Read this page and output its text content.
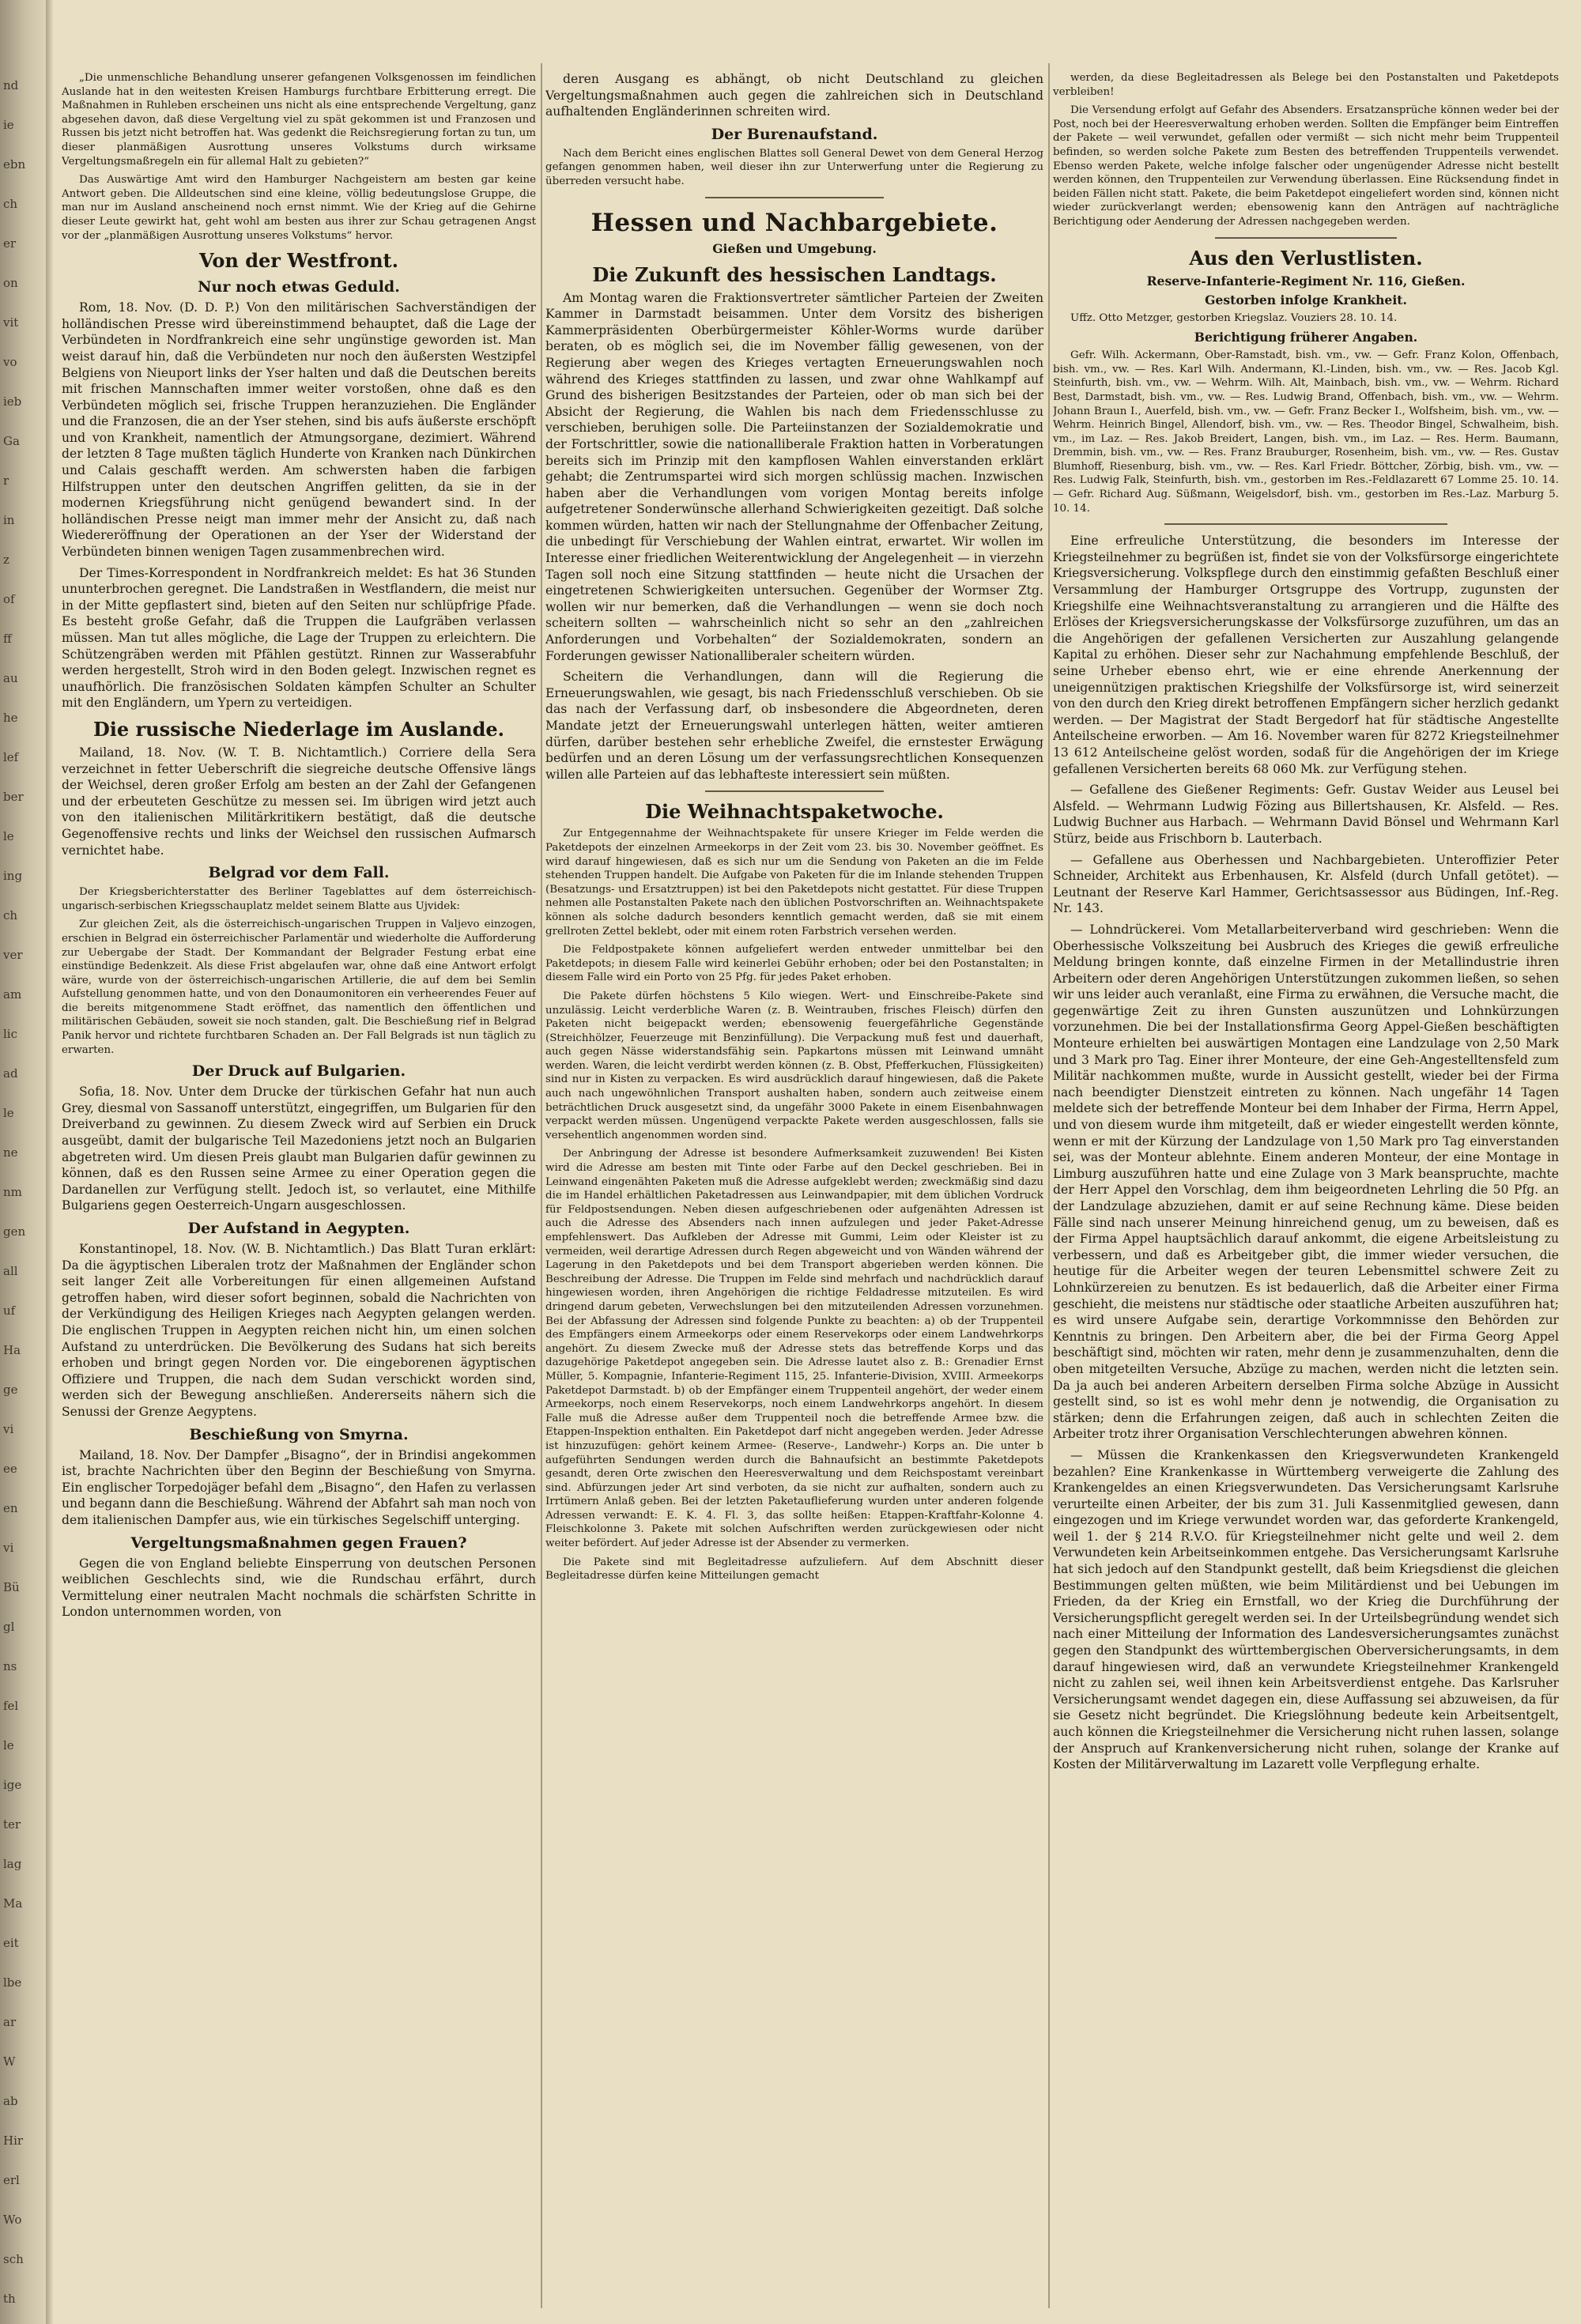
nd
ie
ebn
ch
er
on
vit
vo
ieb
Ga
r
in
z
of
ff
au
he
lef
ber
le
ing
ch
ver
am
lic
ad
le
ne
nm
gen
all
uf
Ha
ge
vi
ee
en
vi
Bü
gl
ns
fel
le
ige
ter
lag
Ma
eit
lbe
ar
W
ab
Hir
erl
Wo
sch
th

„Die unmenschliche Behandlung unserer gefangenen Volksgenossen im feindlichen Auslande hat in den weitesten Kreisen Hamburgs furchtbare Erbitterung erregt. Die Maßnahmen in Ruhleben erscheinen uns nicht als eine entsprechende Vergeltung, ganz abgesehen davon, daß diese Vergeltung viel zu spät gekommen ist und Franzosen und Russen bis jetzt nicht betroffen hat. Was gedenkt die Reichsregierung fortan zu tun, um dieser planmäßigen Ausrottung unseres Volkstums durch wirksame Vergeltungsmaßregeln ein für allemal Halt zu gebieten?“

Das Auswärtige Amt wird den Hamburger Nachgeistern am besten gar keine Antwort geben. Die Alldeutschen sind eine kleine, völlig bedeutungslose Gruppe, die man nur im Ausland anscheinend noch ernst nimmt. Wie der Krieg auf die Gehirne dieser Leute gewirkt hat, geht wohl am besten aus ihrer zur Schau getragenen Angst vor der „planmäßigen Ausrottung unseres Volkstums“ hervor.

Von der Westfront.
Nur noch etwas Geduld.

Rom, 18. Nov. (D. D. P.) Von den militärischen Sachverständigen der holländischen Presse wird übereinstimmend behauptet, daß die Lage der Verbündeten in Nordfrankreich eine sehr ungünstige geworden ist. Man weist darauf hin, daß die Verbündeten nur noch den äußersten Westzipfel Belgiens von Nieuport links der Yser halten und daß die Deutschen bereits mit frischen Mannschaften immer weiter vorstoßen, ohne daß es den Verbündeten möglich sei, frische Truppen heranzuziehen. Die Engländer und die Franzosen, die an der Yser stehen, sind bis aufs äußerste erschöpft und von Krankheit, namentlich der Atmungsorgane, dezimiert. Während der letzten 8 Tage mußten täglich Hunderte von Kranken nach Dünkirchen und Calais geschafft werden. Am schwersten haben die farbigen Hilfstruppen unter den deutschen Angriffen gelitten, da sie in der modernen Kriegsführung nicht genügend bewandert sind. In der holländischen Presse neigt man immer mehr der Ansicht zu, daß nach Wiedereröffnung der Operationen an der Yser der Widerstand der Verbündeten binnen wenigen Tagen zusammenbrechen wird.

Der Times-Korrespondent in Nordfrankreich meldet: Es hat 36 Stunden ununterbrochen geregnet. Die Landstraßen in Westflandern, die meist nur in der Mitte gepflastert sind, bieten auf den Seiten nur schlüpfrige Pfade. Es besteht große Gefahr, daß die Truppen die Laufgräben verlassen müssen. Man tut alles mögliche, die Lage der Truppen zu erleichtern. Die Schützengräben werden mit Pfählen gestützt. Rinnen zur Wasserabfuhr werden hergestellt, Stroh wird in den Boden gelegt. Inzwischen regnet es unaufhörlich. Die französischen Soldaten kämpfen Schulter an Schulter mit den Engländern, um Ypern zu verteidigen.

Die russische Niederlage im Auslande.

Mailand, 18. Nov. (W. T. B. Nichtamtlich.) Corriere della Sera verzeichnet in fetter Ueberschrift die siegreiche deutsche Offensive längs der Weichsel, deren großer Erfolg am besten an der Zahl der Gefangenen und der erbeuteten Geschütze zu messen sei. Im übrigen wird jetzt auch von den italienischen Militärkritikern bestätigt, daß die deutsche Gegenoffensive rechts und links der Weichsel den russischen Aufmarsch vernichtet habe.

Belgrad vor dem Fall.

Der Kriegsberichterstatter des Berliner Tageblattes auf dem österreichisch-ungarisch-serbischen Kriegsschauplatz meldet seinem Blatte aus Ujvidek:

Zur gleichen Zeit, als die österreichisch-ungarischen Truppen in Valjevo einzogen, erschien in Belgrad ein österreichischer Parlamentär und wiederholte die Aufforderung zur Uebergabe der Stadt. Der Kommandant der Belgrader Festung erbat eine einstündige Bedenkzeit. Als diese Frist abgelaufen war, ohne daß eine Antwort erfolgt wäre, wurde von der österreichisch-ungarischen Artillerie, die auf dem bei Semlin Aufstellung genommen hatte, und von den Donaumonitoren ein verheerendes Feuer auf die bereits mitgenommene Stadt eröffnet, das namentlich den öffentlichen und militärischen Gebäuden, soweit sie noch standen, galt. Die Beschießung rief in Belgrad Panik hervor und richtete furchtbaren Schaden an. Der Fall Belgrads ist nun täglich zu erwarten.

Der Druck auf Bulgarien.

Sofia, 18. Nov. Unter dem Drucke der türkischen Gefahr hat nun auch Grey, diesmal von Sassanoff unterstützt, eingegriffen, um Bulgarien für den Dreiverband zu gewinnen. Zu diesem Zweck wird auf Serbien ein Druck ausgeübt, damit der bulgarische Teil Mazedoniens jetzt noch an Bulgarien abgetreten wird. Um diesen Preis glaubt man Bulgarien dafür gewinnen zu können, daß es den Russen seine Armee zu einer Operation gegen die Dardanellen zur Verfügung stellt. Jedoch ist, so verlautet, eine Mithilfe Bulgariens gegen Oesterreich-Ungarn ausgeschlossen.

Der Aufstand in Aegypten.

Konstantinopel, 18. Nov. (W. B. Nichtamtlich.) Das Blatt Turan erklärt: Da die ägyptischen Liberalen trotz der Maßnahmen der Engländer schon seit langer Zeit alle Vorbereitungen für einen allgemeinen Aufstand getroffen haben, wird dieser sofort beginnen, sobald die Nachrichten von der Verkündigung des Heiligen Krieges nach Aegypten gelangen werden. Die englischen Truppen in Aegypten reichen nicht hin, um einen solchen Aufstand zu unterdrücken. Die Bevölkerung des Sudans hat sich bereits erhoben und bringt gegen Norden vor. Die eingeborenen ägyptischen Offiziere und Truppen, die nach dem Sudan verschickt worden sind, werden sich der Bewegung anschließen. Andererseits nähern sich die Senussi der Grenze Aegyptens.

Beschießung von Smyrna.

Mailand, 18. Nov. Der Dampfer „Bisagno“, der in Brindisi angekommen ist, brachte Nachrichten über den Beginn der Beschießung von Smyrna. Ein englischer Torpedojäger befahl dem „Bisagno“, den Hafen zu verlassen und begann dann die Beschießung. Während der Abfahrt sah man noch von dem italienischen Dampfer aus, wie ein türkisches Segelschiff unterging.

Vergeltungsmaßnahmen gegen Frauen?

Gegen die von England beliebte Einsperrung von deutschen Personen weiblichen Geschlechts sind, wie die Rundschau erfährt, durch Vermittelung einer neutralen Macht nochmals die schärfsten Schritte in London unternommen worden, von

deren Ausgang es abhängt, ob nicht Deutschland zu gleichen Vergeltungsmaßnahmen auch gegen die zahlreichen sich in Deutschland aufhaltenden Engländerinnen schreiten wird.

Der Burenaufstand.

Nach dem Bericht eines englischen Blattes soll General Dewet von dem General Herzog gefangen genommen haben, weil dieser ihn zur Unterwerfung unter die Regierung zu überreden versucht habe.

Hessen und Nachbargebiete.
Gießen und Umgebung.
Die Zukunft des hessischen Landtags.

Am Montag waren die Fraktionsvertreter sämtlicher Parteien der Zweiten Kammer in Darmstadt beisammen. Unter dem Vorsitz des bisherigen Kammerpräsidenten Oberbürgermeister Köhler-Worms wurde darüber beraten, ob es möglich sei, die im November fällig gewesenen, von der Regierung aber wegen des Krieges vertagten Erneuerungswahlen noch während des Krieges stattfinden zu lassen, und zwar ohne Wahlkampf auf Grund des bisherigen Besitzstandes der Parteien, oder ob man sich bei der Absicht der Regierung, die Wahlen bis nach dem Friedensschlusse zu verschieben, beruhigen solle. Die Parteiinstanzen der Sozialdemokratie und der Fortschrittler, sowie die nationalliberale Fraktion hatten in Vorberatungen bereits sich im Prinzip mit den kampflosen Wahlen einverstanden erklärt gehabt; die Zentrumspartei wird sich morgen schlüssig machen. Inzwischen haben aber die Verhandlungen vom vorigen Montag bereits infolge aufgetretener Sonderwünsche allerhand Schwierigkeiten gezeitigt. Daß solche kommen würden, hatten wir nach der Stellungnahme der Offenbacher Zeitung, die unbedingt für Verschiebung der Wahlen eintrat, erwartet. Wir wollen im Interesse einer friedlichen Weiterentwicklung der Angelegenheit — in vierzehn Tagen soll noch eine Sitzung stattfinden — heute nicht die Ursachen der eingetretenen Schwierigkeiten untersuchen. Gegenüber der Wormser Ztg. wollen wir nur bemerken, daß die Verhandlungen — wenn sie doch noch scheitern sollten — wahrscheinlich nicht so sehr an den „zahlreichen Anforderungen und Vorbehalten“ der Sozialdemokraten, sondern an Forderungen gewisser Nationalliberaler scheitern würden.

Scheitern die Verhandlungen, dann will die Regierung die Erneuerungswahlen, wie gesagt, bis nach Friedensschluß verschieben. Ob sie das nach der Verfassung darf, ob insbesondere die Abgeordneten, deren Mandate jetzt der Erneuerungswahl unterlegen hätten, weiter amtieren dürfen, darüber bestehen sehr erhebliche Zweifel, die ernstester Erwägung bedürfen und an deren Lösung um der verfassungsrechtlichen Konsequenzen willen alle Parteien auf das lebhafteste interessiert sein müßten.

Die Weihnachtspaketwoche.

Zur Entgegennahme der Weihnachtspakete für unsere Krieger im Felde werden die Paketdepots der einzelnen Armeekorps in der Zeit vom 23. bis 30. November geöffnet. Es wird darauf hingewiesen, daß es sich nur um die Sendung von Paketen an die im Felde stehenden Truppen handelt. Die Aufgabe von Paketen für die im Inlande stehenden Truppen (Besatzungs- und Ersatztruppen) ist bei den Paketdepots nicht gestattet. Für diese Truppen nehmen alle Postanstalten Pakete nach den üblichen Postvorschriften an. Weihnachtspakete können als solche dadurch besonders kenntlich gemacht werden, daß sie mit einem grellroten Zettel beklebt, oder mit einem roten Farbstrich versehen werden.

Die Feldpostpakete können aufgeliefert werden entweder unmittelbar bei den Paketdepots; in diesem Falle wird keinerlei Gebühr erhoben; oder bei den Postanstalten; in diesem Falle wird ein Porto von 25 Pfg. für jedes Paket erhoben.

Die Pakete dürfen höchstens 5 Kilo wiegen. Wert- und Einschreibe-Pakete sind unzulässig. Leicht verderbliche Waren (z. B. Weintrauben, frisches Fleisch) dürfen den Paketen nicht beigepackt werden; ebensowenig feuergefährliche Gegenstände (Streichhölzer, Feuerzeuge mit Benzinfüllung). Die Verpackung muß fest und dauerhaft, auch gegen Nässe widerstandsfähig sein. Papkartons müssen mit Leinwand umnäht werden. Waren, die leicht verdirbt werden können (z. B. Obst, Pfefferkuchen, Flüssigkeiten) sind nur in Kisten zu verpacken. Es wird ausdrücklich darauf hingewiesen, daß die Pakete auch nach ungewöhnlichen Transport aushalten haben, sondern auch zeitweise einem beträchtlichen Druck ausgesetzt sind, da ungefähr 3000 Pakete in einem Eisenbahnwagen verpackt werden müssen. Ungenügend verpackte Pakete werden ausgeschlossen, falls sie versehentlich angenommen worden sind.

Der Anbringung der Adresse ist besondere Aufmerksamkeit zuzuwenden! Bei Kisten wird die Adresse am besten mit Tinte oder Farbe auf den Deckel geschrieben. Bei in Leinwand eingenähten Paketen muß die Adresse aufgeklebt werden; zweckmäßig sind dazu die im Handel erhältlichen Paketadressen aus Leinwandpapier, mit dem üblichen Vordruck für Feldpostsendungen. Neben diesen aufgeschriebenen oder aufgenähten Adressen ist auch die Adresse des Absenders nach innen aufzulegen und jeder Paket-Adresse empfehlenswert. Das Aufkleben der Adresse mit Gummi, Leim oder Kleister ist zu vermeiden, weil derartige Adressen durch Regen abgeweicht und von Wänden während der Lagerung in den Paketdepots und bei dem Transport abgerieben werden können. Die Beschreibung der Adresse. Die Truppen im Felde sind mehrfach und nachdrücklich darauf hingewiesen worden, ihren Angehörigen die richtige Feldadresse mitzuteilen. Es wird dringend darum gebeten, Verwechslungen bei den mitzuteilenden Adressen vorzunehmen. Bei der Abfassung der Adressen sind folgende Punkte zu beachten: a) ob der Truppenteil des Empfängers einem Armeekorps oder einem Reservekorps oder einem Landwehrkorps angehört. Zu diesem Zwecke muß der Adresse stets das betreffende Korps und das dazugehörige Paketdepot angegeben sein. Die Adresse lautet also z. B.: Grenadier Ernst Müller, 5. Kompagnie, Infanterie-Regiment 115, 25. Infanterie-Division, XVIII. Armeekorps Paketdepot Darmstadt. b) ob der Empfänger einem Truppenteil angehört, der weder einem Armeekorps, noch einem Reservekorps, noch einem Landwehrkorps angehört. In diesem Falle muß die Adresse außer dem Truppenteil noch die betreffende Armee bzw. die Etappen-Inspektion enthalten. Ein Paketdepot darf nicht angegeben werden. Jeder Adresse ist hinzuzufügen: gehört keinem Armee- (Reserve-, Landwehr-) Korps an. Die unter b aufgeführten Sendungen werden durch die Bahnaufsicht an bestimmte Paketdepots gesandt, deren Orte zwischen den Heeresverwaltung und dem Reichspostamt vereinbart sind. Abfürzungen jeder Art sind verboten, da sie nicht zur aufhalten, sondern auch zu Irrtümern Anlaß geben. Bei der letzten Paketauflieferung wurden unter anderen folgende Adressen verwandt: E. K. 4. Fl. 3, das sollte heißen: Etappen-Kraftfahr-Kolonne 4. Fleischkolonne 3. Pakete mit solchen Aufschriften werden zurückgewiesen oder nicht weiter befördert. Auf jeder Adresse ist der Absender zu vermerken.

Die Pakete sind mit Begleitadresse aufzuliefern. Auf dem Abschnitt dieser Begleitadresse dürfen keine Mitteilungen gemacht

werden, da diese Begleitadressen als Belege bei den Postanstalten und Paketdepots verbleiben!

Die Versendung erfolgt auf Gefahr des Absenders. Ersatzansprüche können weder bei der Post, noch bei der Heeresverwaltung erhoben werden. Sollten die Empfänger beim Eintreffen der Pakete — weil verwundet, gefallen oder vermißt — sich nicht mehr beim Truppenteil befinden, so werden solche Pakete zum Besten des betreffenden Truppenteils verwendet. Ebenso werden Pakete, welche infolge falscher oder ungenügender Adresse nicht bestellt werden können, den Truppenteilen zur Verwendung überlassen. Eine Rücksendung findet in beiden Fällen nicht statt. Pakete, die beim Paketdepot eingeliefert worden sind, können nicht wieder zurückverlangt werden; ebensowenig kann den Anträgen auf nachträgliche Berichtigung oder Aenderung der Adressen nachgegeben werden.

Aus den Verlustlisten.
Reserve-Infanterie-Regiment Nr. 116, Gießen.
Gestorben infolge Krankheit.

Uffz. Otto Metzger, gestorben Kriegslaz. Vouziers 28. 10. 14.

Berichtigung früherer Angaben.

Gefr. Wilh. Ackermann, Ober-Ramstadt, bish. vm., vw. — Gefr. Franz Kolon, Offenbach, bish. vm., vw. — Res. Karl Wilh. Andermann, Kl.-Linden, bish. vm., vw. — Res. Jacob Kgl. Steinfurth, bish. vm., vw. — Wehrm. Wilh. Alt, Mainbach, bish. vm., vw. — Wehrm. Richard Best, Darmstadt, bish. vm., vw. — Res. Ludwig Brand, Offenbach, bish. vm., vw. — Wehrm. Johann Braun I., Auerfeld, bish. vm., vw. — Gefr. Franz Becker I., Wolfsheim, bish. vm., vw. — Wehrm. Heinrich Bingel, Allendorf, bish. vm., vw. — Res. Theodor Bingel, Schwalheim, bish. vm., im Laz. — Res. Jakob Breidert, Langen, bish. vm., im Laz. — Res. Herm. Baumann, Dremmin, bish. vm., vw. — Res. Franz Brauburger, Rosenheim, bish. vm., vw. — Res. Gustav Blumhoff, Riesenburg, bish. vm., vw. — Res. Karl Friedr. Böttcher, Zörbig, bish. vm., vw. — Res. Ludwig Falk, Steinfurth, bish. vm., gestorben im Res.-Feldlazarett 67 Lomme 25. 10. 14. — Gefr. Richard Aug. Süßmann, Weigelsdorf, bish. vm., gestorben im Res.-Laz. Marburg 5. 10. 14.

Eine erfreuliche Unterstützung, die besonders im Interesse der Kriegsteilnehmer zu begrüßen ist, findet sie von der Volksfürsorge eingerichtete Kriegsversicherung. Volkspflege durch den einstimmig gefaßten Beschluß einer Versammlung der Hamburger Ortsgruppe des Vortrupp, zugunsten der Kriegshilfe eine Weihnachtsveranstaltung zu arrangieren und die Hälfte des Erlöses der Kriegsversicherungskasse der Volksfürsorge zuzuführen, um das an die Angehörigen der gefallenen Versicherten zur Auszahlung gelangende Kapital zu erhöhen. Dieser sehr zur Nachahmung empfehlende Beschluß, der seine Urheber ebenso ehrt, wie er eine ehrende Anerkennung der uneigennützigen praktischen Kriegshilfe der Volksfürsorge ist, wird seinerzeit von den durch den Krieg direkt betroffenen Empfängern sicher herzlich gedankt werden. — Der Magistrat der Stadt Bergedorf hat für städtische Angestellte Anteilscheine erworben. — Am 16. November waren für 8272 Kriegsteilnehmer 13 612 Anteilscheine gelöst worden, sodaß für die Angehörigen der im Kriege gefallenen Versicherten bereits 68 060 Mk. zur Verfügung stehen.

— Gefallene des Gießener Regiments: Gefr. Gustav Weider aus Leusel bei Alsfeld. — Wehrmann Ludwig Fözing aus Billertshausen, Kr. Alsfeld. — Res. Ludwig Buchner aus Harbach. — Wehrmann David Bönsel und Wehrmann Karl Stürz, beide aus Frischborn b. Lauterbach.

— Gefallene aus Oberhessen und Nachbargebieten. Unteroffizier Peter Schneider, Architekt aus Erbenhausen, Kr. Alsfeld (durch Unfall getötet). — Leutnant der Reserve Karl Hammer, Gerichtsassessor aus Büdingen, Inf.-Reg. Nr. 143.

— Lohndrückerei. Vom Metallarbeiterverband wird geschrieben: Wenn die Oberhessische Volkszeitung bei Ausbruch des Krieges die gewiß erfreuliche Meldung bringen konnte, daß einzelne Firmen in der Metallindustrie ihren Arbeitern oder deren Angehörigen Unterstützungen zukommen ließen, so sehen wir uns leider auch veranlaßt, eine Firma zu erwähnen, die Versuche macht, die gegenwärtige Zeit zu ihren Gunsten auszunützen und Lohnkürzungen vorzunehmen. Die bei der Installationsfirma Georg Appel-Gießen beschäftigten Monteure erhielten bei auswärtigen Montagen eine Landzulage von 2,50 Mark und 3 Mark pro Tag. Einer ihrer Monteure, der eine Geh-Angestelltensfeld zum Militär nachkommen mußte, wurde in Aussicht gestellt, wieder bei der Firma nach beendigter Dienstzeit eintreten zu können. Nach ungefähr 14 Tagen meldete sich der betreffende Monteur bei dem Inhaber der Firma, Herrn Appel, und von diesem wurde ihm mitgeteilt, daß er wieder eingestellt werden könnte, wenn er mit der Kürzung der Landzulage von 1,50 Mark pro Tag einverstanden sei, was der Monteur ablehnte. Einem anderen Monteur, der eine Montage in Limburg auszuführen hatte und eine Zulage von 3 Mark beanspruchte, machte der Herr Appel den Vorschlag, dem ihm beigeordneten Lehrling die 50 Pfg. an der Landzulage abzuziehen, damit er auf seine Rechnung käme. Diese beiden Fälle sind nach unserer Meinung hinreichend genug, um zu beweisen, daß es der Firma Appel hauptsächlich darauf ankommt, die eigene Arbeitsleistung zu verbessern, und daß es Arbeitgeber gibt, die immer wieder versuchen, die heutige für die Arbeiter wegen der teuren Lebensmittel schwere Zeit zu Lohnkürzereien zu benutzen. Es ist bedauerlich, daß die Arbeiter einer Firma geschieht, die meistens nur städtische oder staatliche Arbeiten auszuführen hat; es wird unsere Aufgabe sein, derartige Vorkommnisse den Behörden zur Kenntnis zu bringen. Den Arbeitern aber, die bei der Firma Georg Appel beschäftigt sind, möchten wir raten, mehr denn je zusammenzuhalten, denn die oben mitgeteilten Versuche, Abzüge zu machen, werden nicht die letzten sein. Da ja auch bei anderen Arbeitern derselben Firma solche Abzüge in Aussicht gestellt sind, so ist es wohl mehr denn je notwendig, die Organisation zu stärken; denn die Erfahrungen zeigen, daß auch in schlechten Zeiten die Arbeiter trotz ihrer Organisation Verschlechterungen abwehren können.

— Müssen die Krankenkassen den Kriegsverwundeten Krankengeld bezahlen? Eine Krankenkasse in Württemberg verweigerte die Zahlung des Krankengeldes an einen Kriegsverwundeten. Das Versicherungsamt Karlsruhe verurteilte einen Arbeiter, der bis zum 31. Juli Kassenmitglied gewesen, dann eingezogen und im Kriege verwundet worden war, das geforderte Krankengeld, weil 1. der § 214 R.V.O. für Kriegsteilnehmer nicht gelte und weil 2. dem Verwundeten kein Arbeitseinkommen entgehe. Das Versicherungsamt Karlsruhe hat sich jedoch auf den Standpunkt gestellt, daß beim Kriegsdienst die gleichen Bestimmungen gelten müßten, wie beim Militärdienst und bei Uebungen im Frieden, da der Krieg ein Ernstfall, wo der Krieg die Durchführung der Versicherungspflicht geregelt werden sei. In der Urteilsbegründung wendet sich nach einer Mitteilung der Information des Landesversicherungsamtes zunächst gegen den Standpunkt des württembergischen Oberversicherungsamts, in dem darauf hingewiesen wird, daß an verwundete Kriegsteilnehmer Krankengeld nicht zu zahlen sei, weil ihnen kein Arbeitsverdienst entgehe. Das Karlsruher Versicherungsamt wendet dagegen ein, diese Auffassung sei abzuweisen, da für sie Gesetz nicht begründet. Die Kriegslöhnung bedeute kein Arbeitsentgelt, auch können die Kriegsteilnehmer die Versicherung nicht ruhen lassen, solange der Anspruch auf Krankenversicherung nicht ruhen, solange der Kranke auf Kosten der Militärverwaltung im Lazarett volle Verpflegung erhalte.
